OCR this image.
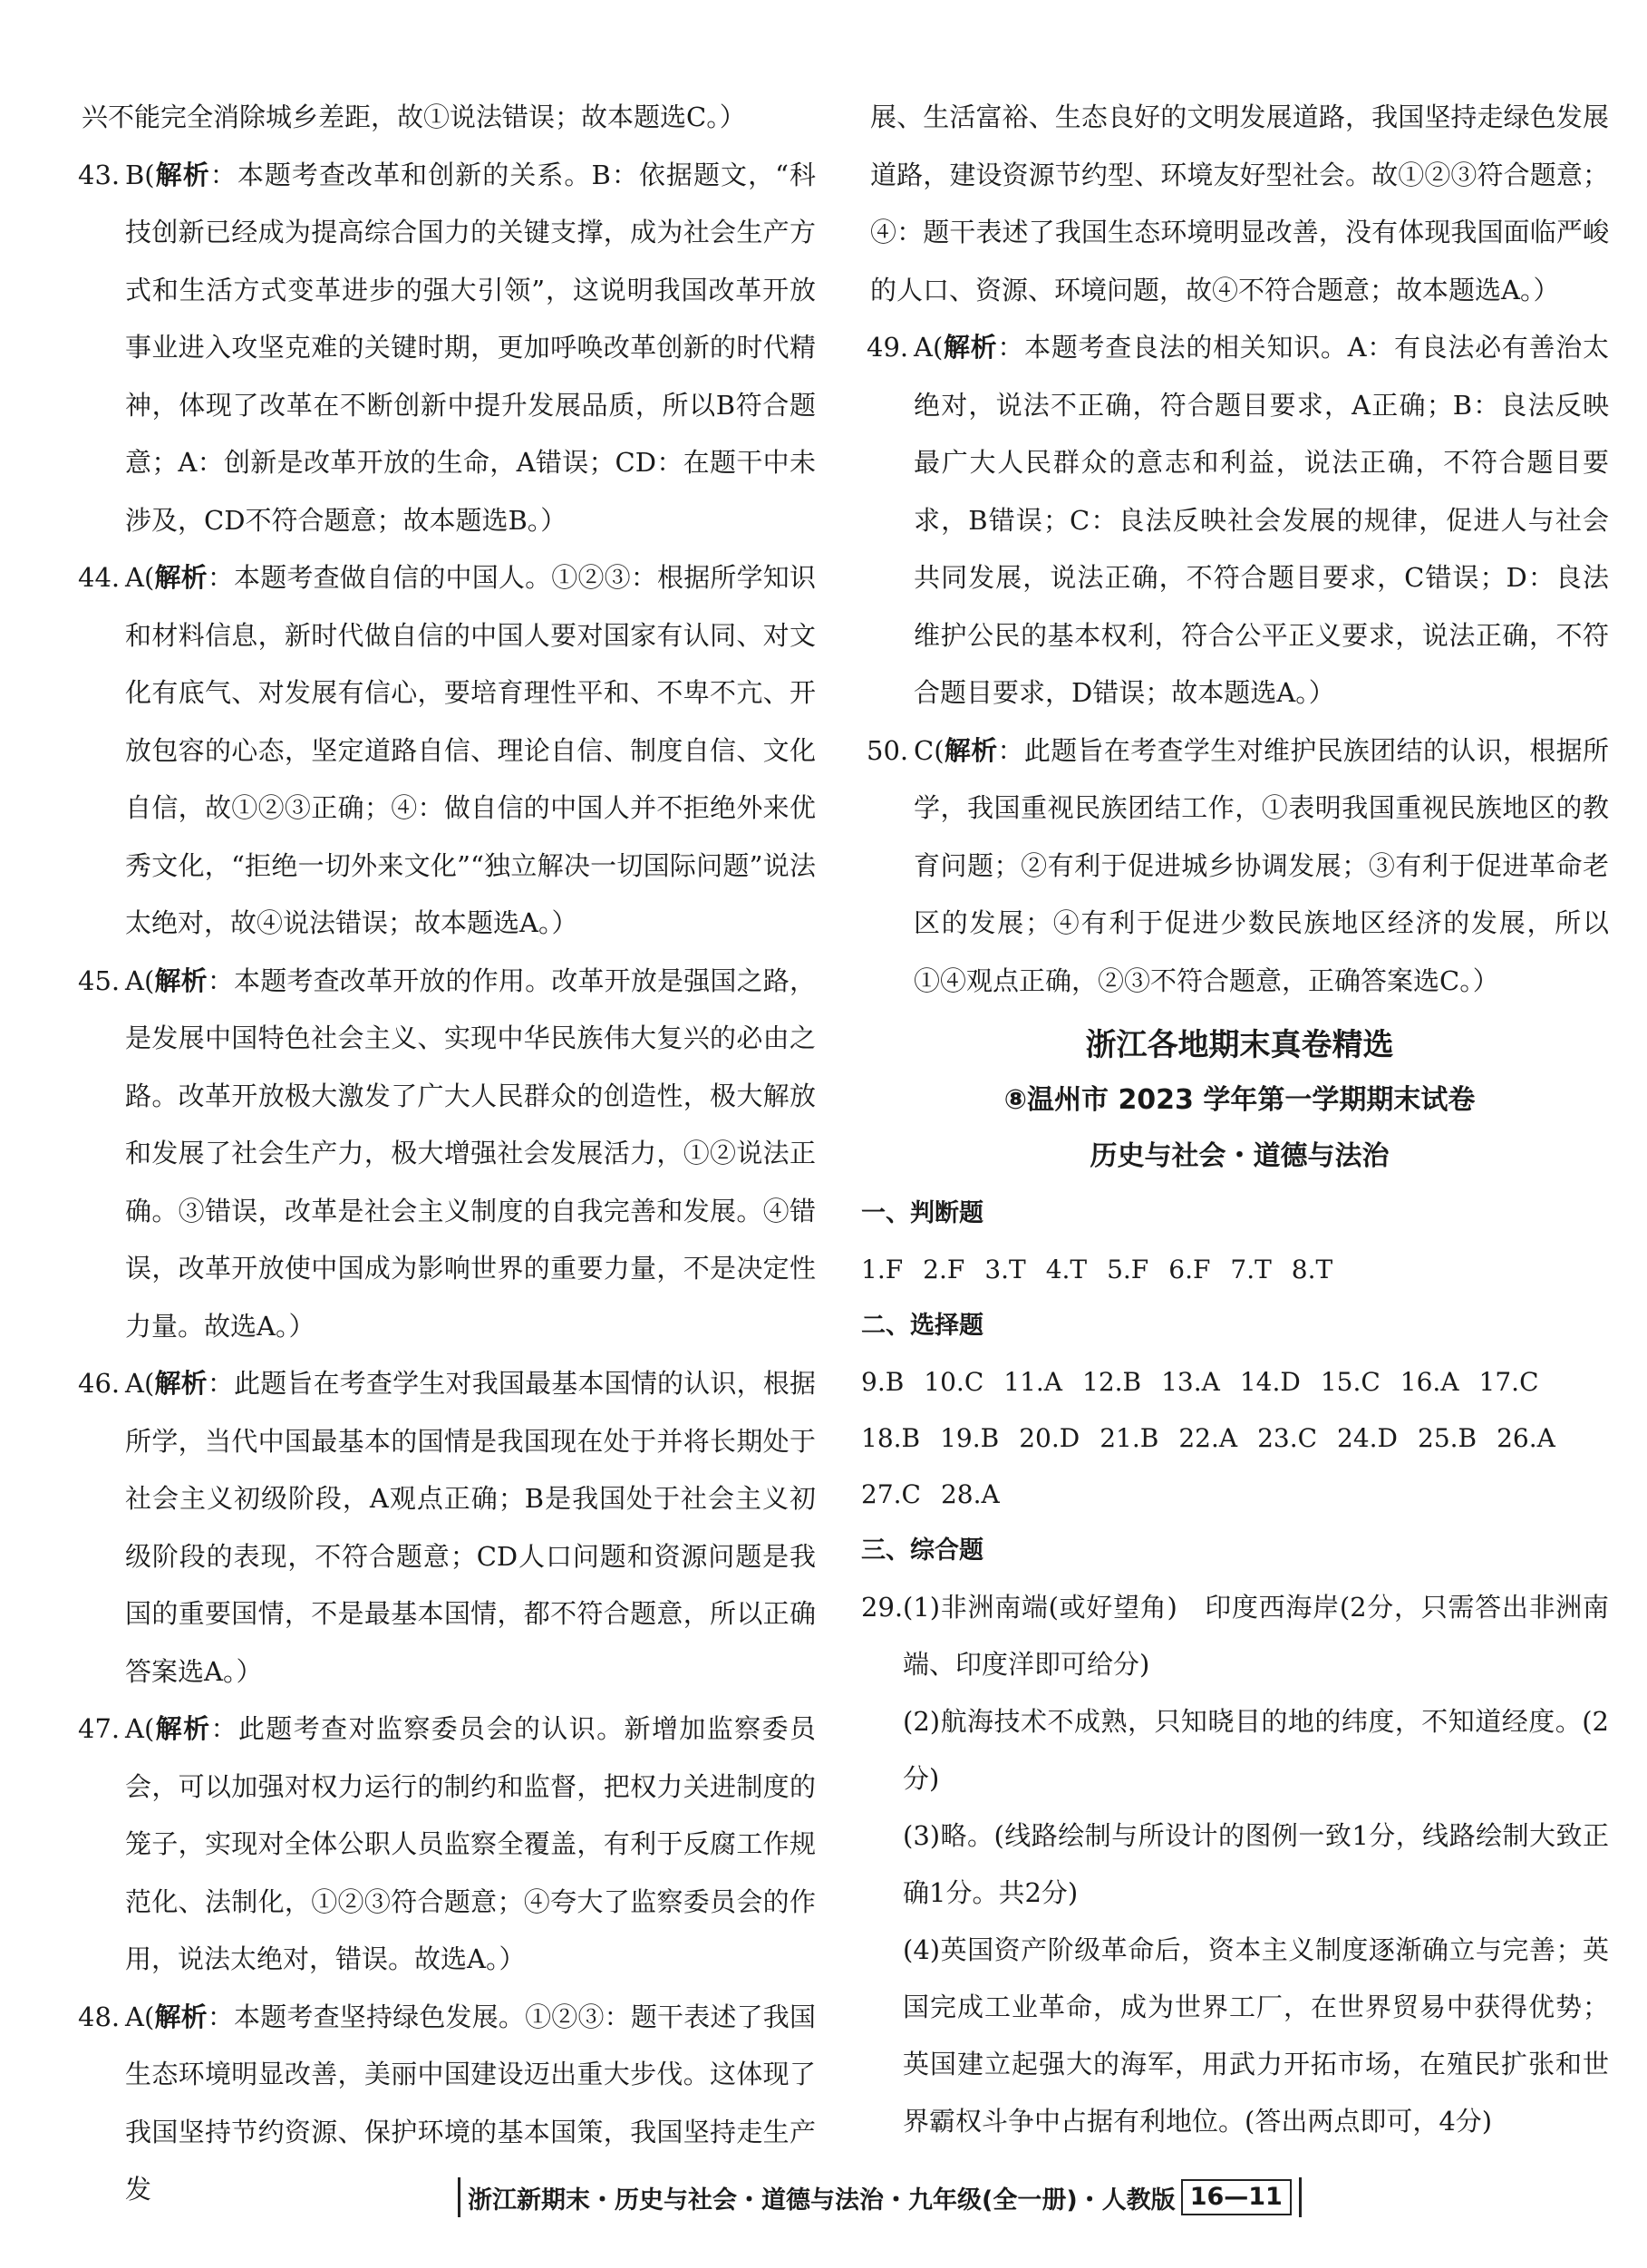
兴不能完全消除城乡差距，故①说法错误；故本题选C。）
43. B(解析：本题考查改革和创新的关系。B：依据题文，“科技创新已经成为提高综合国力的关键支撑，成为社会生产方式和生活方式变革进步的强大引领”，这说明我国改革开放事业进入攻坚克难的关键时期，更加呼唤改革创新的时代精神，体现了改革在不断创新中提升发展品质，所以B符合题意；A：创新是改革开放的生命，A错误；CD：在题干中未涉及，CD不符合题意；故本题选B。）
44. A(解析：本题考查做自信的中国人。①②③：根据所学知识和材料信息，新时代做自信的中国人要对国家有认同、对文化有底气、对发展有信心，要培育理性平和、不卑不亢、开放包容的心态，坚定道路自信、理论自信、制度自信、文化自信，故①②③正确；④：做自信的中国人并不拒绝外来优秀文化，“拒绝一切外来文化”“独立解决一切国际问题”说法太绝对，故④说法错误；故本题选A。）
45. A(解析：本题考查改革开放的作用。改革开放是强国之路，是发展中国特色社会主义、实现中华民族伟大复兴的必由之路。改革开放极大激发了广大人民群众的创造性，极大解放和发展了社会生产力，极大增强社会发展活力，①②说法正确。③错误，改革是社会主义制度的自我完善和发展。④错误，改革开放使中国成为影响世界的重要力量，不是决定性力量。故选A。）
46. A(解析：此题旨在考查学生对我国最基本国情的认识，根据所学，当代中国最基本的国情是我国现在处于并将长期处于社会主义初级阶段，A观点正确；B是我国处于社会主义初级阶段的表现，不符合题意；CD人口问题和资源问题是我国的重要国情，不是最基本国情，都不符合题意，所以正确答案选A。）
47. A(解析：此题考查对监察委员会的认识。新增加监察委员会，可以加强对权力运行的制约和监督，把权力关进制度的笼子，实现对全体公职人员监察全覆盖，有利于反腐工作规范化、法制化，①②③符合题意；④夸大了监察委员会的作用，说法太绝对，错误。故选A。）
48. A(解析：本题考查坚持绿色发展。①②③：题干表述了我国生态环境明显改善，美丽中国建设迈出重大步伐。这体现了我国坚持节约资源、保护环境的基本国策，我国坚持走生产发
展、生活富裕、生态良好的文明发展道路，我国坚持走绿色发展道路，建设资源节约型、环境友好型社会。故①②③符合题意；④：题干表述了我国生态环境明显改善，没有体现我国面临严峻的人口、资源、环境问题，故④不符合题意；故本题选A。）
49. A(解析：本题考查良法的相关知识。A：有良法必有善治太绝对，说法不正确，符合题目要求，A正确；B：良法反映最广大人民群众的意志和利益，说法正确，不符合题目要求，B错误；C：良法反映社会发展的规律，促进人与社会共同发展，说法正确，不符合题目要求，C错误；D：良法维护公民的基本权利，符合公平正义要求，说法正确，不符合题目要求，D错误；故本题选A。）
50. C(解析：此题旨在考查学生对维护民族团结的认识，根据所学，我国重视民族团结工作，①表明我国重视民族地区的教育问题；②有利于促进城乡协调发展；③有利于促进革命老区的发展；④有利于促进少数民族地区经济的发展，所以①④观点正确，②③不符合题意，正确答案选C。）
浙江各地期末真卷精选
⑧温州市 2023 学年第一学期期末试卷
历史与社会・道德与法治
一、判断题
1.F 2.F 3.T 4.T 5.F 6.F 7.T 8.T
二、选择题
9.B 10.C 11.A 12.B 13.A 14.D 15.C 16.A 17.C
18.B 19.B 20.D 21.B 22.A 23.C 24.D 25.B 26.A
27.C 28.A
三、综合题
29. (1)非洲南端(或好望角)　印度西海岸(2分，只需答出非洲南端、印度洋即可给分)
(2)航海技术不成熟，只知晓目的地的纬度，不知道经度。(2分)
(3)略。(线路绘制与所设计的图例一致1分，线路绘制大致正确1分。共2分)
(4)英国资产阶级革命后，资本主义制度逐渐确立与完善；英国完成工业革命，成为世界工厂，在世界贸易中获得优势；英国建立起强大的海军，用武力开拓市场，在殖民扩张和世界霸权斗争中占据有利地位。(答出两点即可，4分)
浙江新期末・历史与社会・道德与法治・九年级(全一册)・人教版 16—11
